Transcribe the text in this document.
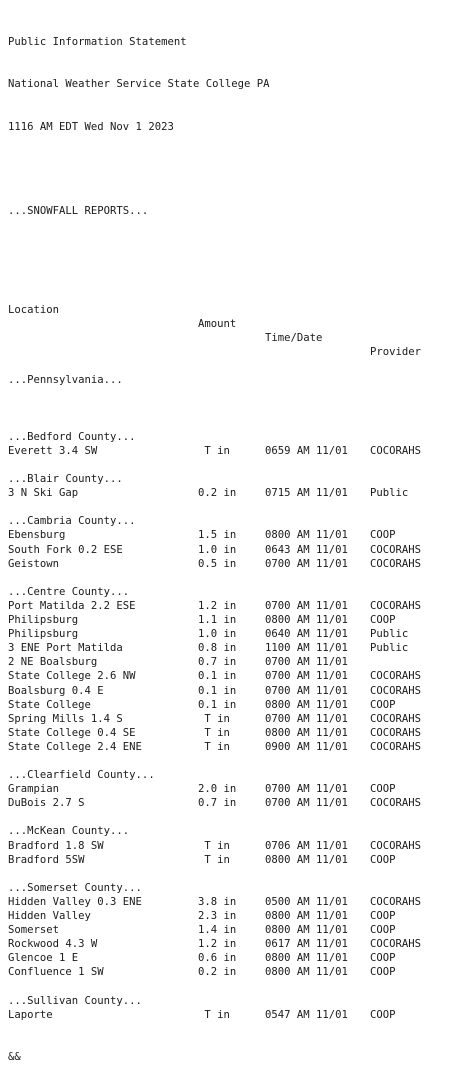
Public Information Statement

National Weather Service State College PA

1116 AM EDT Wed Nov 1 2023

...SNOWFALL REPORTS...

Location

Amount

Time/Date

Provider

...Pennsylvania...

...Bedford County...
Everett 3.4 SW	T in	0659 AM 11/01 COCORAHS
...Blair County...
3 N Ski Gap	0.2 in	0715 AM 11/01 Public
...Cambria County...
Ebensburg	1.5 in	0800 AM 11/01 COOP
South Fork 0.2 ESE	1.0 in	0643 AM 11/01 COCORAHS
Geistown	0.5 in	0700 AM 11/01 COCORAHS
...Centre County...
Port Matilda 2.2 ESE	1.2 in	0700 AM 11/01 COCORAHS
Philipsburg	1.1 in	0800 AM 11/01 COOP
Philipsburg	1.0 in	0640 AM 11/01 Public
3 ENE Port Matilda	0.8 in	1100 AM 11/01 Public
2 NE Boalsburg	0.7 in	0700 AM 11/01
State College 2.6 NW	0.1 in	0700 AM 11/01 COCORAHS
Boalsburg 0.4 E	0.1 in	0700 AM 11/01 COCORAHS
State College	0.1 in	0800 AM 11/01 COOP
Spring Mills 1.4 S	T in	0700 AM 11/01 COCORAHS
State College 0.4 SE	T in	0800 AM 11/01 COCORAHS
State College 2.4 ENE	T in	0900 AM 11/01 COCORAHS
...Clearfield County...
Grampian	2.0 in	0700 AM 11/01 COOP
DuBois 2.7 S	0.7 in	0700 AM 11/01 COCORAHS
...McKean County...
Bradford 1.8 SW	T in	0706 AM 11/01 COCORAHS
Bradford 5SW	T in	0800 AM 11/01 COOP
...Somerset County...
Hidden Valley 0.3 ENE	3.8 in	0500 AM 11/01 COCORAHS
Hidden Valley	2.3 in	0800 AM 11/01 COOP
Somerset	1.4 in	0800 AM 11/01 COOP
Rockwood 4.3 W	1.2 in	0617 AM 11/01 COCORAHS
Glencoe 1 E	0.6 in	0800 AM 11/01 COOP
Confluence 1 SW	0.2 in	0800 AM 11/01 COOP
...Sullivan County...
Laporte	T in	0547 AM 11/01 COOP

&&
